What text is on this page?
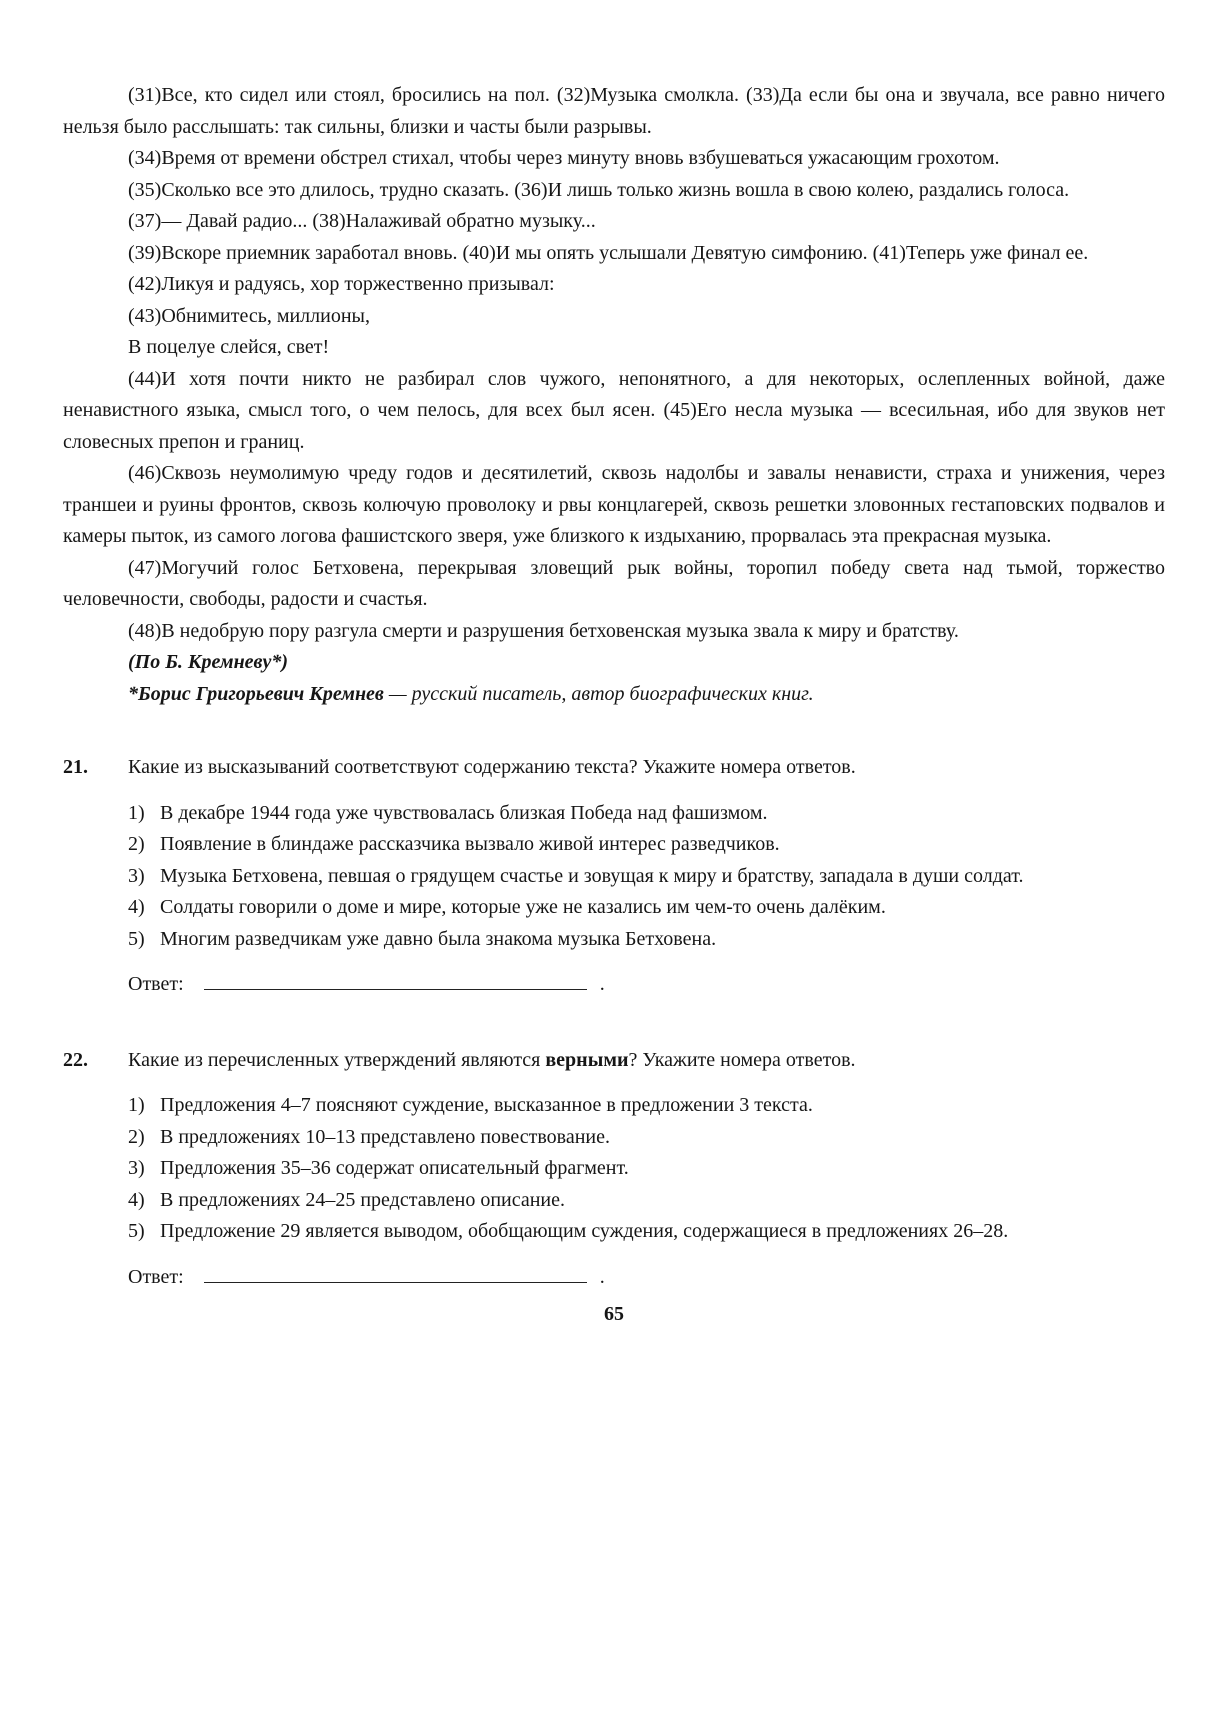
(31)Все, кто сидел или стоял, бросились на пол. (32)Музыка смолкла. (33)Да если бы она и звучала, все равно ничего нельзя было расслышать: так сильны, близки и часты были разрывы.

(34)Время от времени обстрел стихал, чтобы через минуту вновь взбушеваться ужасающим грохотом.

(35)Сколько все это длилось, трудно сказать. (36)И лишь только жизнь вошла в свою колею, раздались голоса.

(37)— Давай радио... (38)Налаживай обратно музыку...

(39)Вскоре приемник заработал вновь. (40)И мы опять услышали Девятую симфонию. (41)Теперь уже финал ее.

(42)Ликуя и радуясь, хор торжественно призывал:

(43)Обнимитесь, миллионы,

В поцелуе слейся, свет!

(44)И хотя почти никто не разбирал слов чужого, непонятного, а для некоторых, ослепленных войной, даже ненавистного языка, смысл того, о чем пелось, для всех был ясен. (45)Его несла музыка — всесильная, ибо для звуков нет словесных препон и границ.

(46)Сквозь неумолимую чреду годов и десятилетий, сквозь надолбы и завалы ненависти, страха и унижения, через траншеи и руины фронтов, сквозь колючую проволоку и рвы концлагерей, сквозь решетки зловонных гестаповских подвалов и камеры пыток, из самого логова фашистского зверя, уже близкого к издыханию, прорвалась эта прекрасная музыка.

(47)Могучий голос Бетховена, перекрывая зловещий рык войны, торопил победу света над тьмой, торжество человечности, свободы, радости и счастья.

(48)В недобрую пору разгула смерти и разрушения бетховенская музыка звала к миру и братству.

(По Б. Кремневу*)

*Борис Григорьевич Кремнев — русский писатель, автор биографических книг.

21.	Какие из высказываний соответствуют содержанию текста? Укажите номера ответов.
1) В декабре 1944 года уже чувствовалась близкая Победа над фашизмом.
2) Появление в блиндаже рассказчика вызвало живой интерес разведчиков.
3) Музыка Бетховена, певшая о грядущем счастье и зовущая к миру и братству, западала в души солдат.
4) Солдаты говорили о доме и мире, которые уже не казались им чем-то очень далёким.
5) Многим разведчикам уже давно была знакома музыка Бетховена.
Ответ:	.
22.	Какие из перечисленных утверждений являются верными? Укажите номера ответов.
1) Предложения 4–7 поясняют суждение, высказанное в предложении 3 текста.
2) В предложениях 10–13 представлено повествование.
3) Предложения 35–36 содержат описательный фрагмент.
4) В предложениях 24–25 представлено описание.
5) Предложение 29 является выводом, обобщающим суждения, содержащиеся в предложениях 26–28.
Ответ:	.
65
